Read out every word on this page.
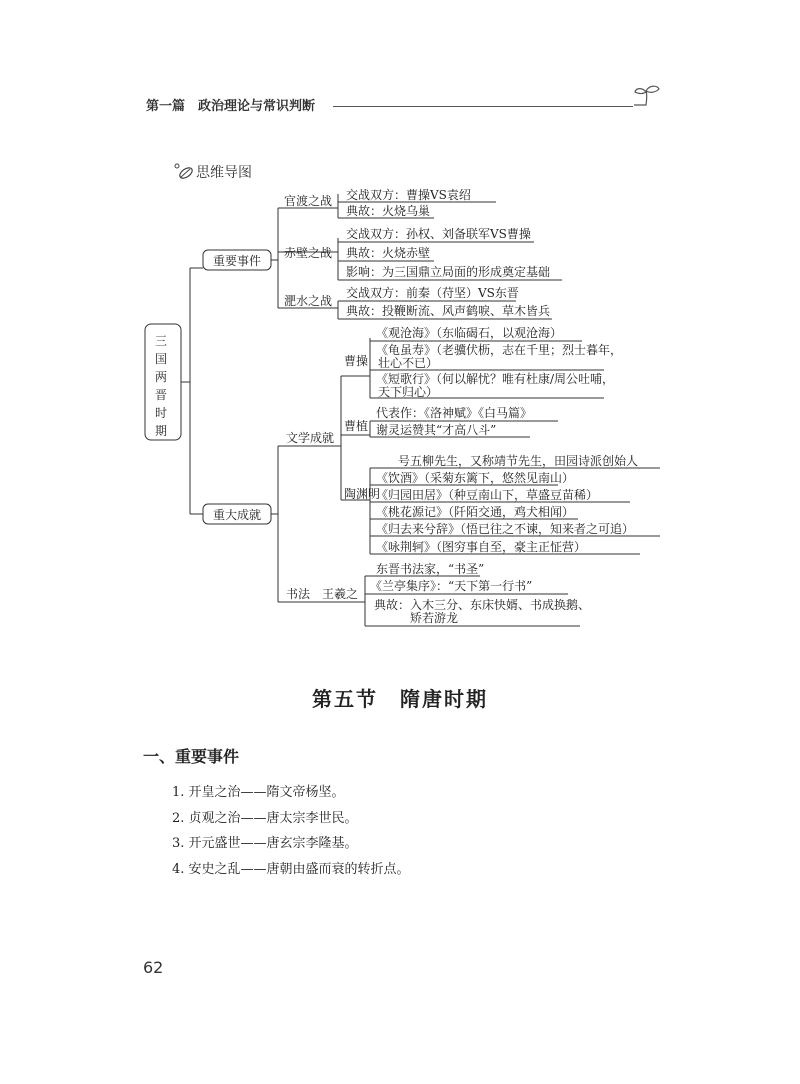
第一篇　政治理论与常识判断
思维导图
三
国
两
晋
时
期
重要事件
官渡之战 交战双方：曹操VS袁绍
典故：火烧乌巢
赤壁之战
交战双方：孙权、刘备联军VS曹操
典故：火烧赤壁
影响：为三国鼎立局面的形成奠定基础
淝水之战
交战双方：前秦（苻坚）VS东晋
典故：投鞭断流、风声鹤唳、草木皆兵
重大成就
文学成就
曹操
《观沧海》（东临碣石，以观沧海）
《龟虽寿》（老骥伏枥，志在千里；烈士暮年，
壮心不已）
《短歌行》（何以解忧？唯有杜康/周公吐哺，
天下归心）
曹植
代表作：《洛神赋》《白马篇》
谢灵运赞其“才高八斗”
陶渊明
号五柳先生，又称靖节先生，田园诗派创始人
《饮酒》（采菊东篱下，悠然见南山）
《归园田居》（种豆南山下，草盛豆苗稀）
《桃花源记》（阡陌交通，鸡犬相闻）
《归去来兮辞》（悟已往之不谏，知来者之可追）
《咏荆轲》（图穷事自至，豪主正怔营）
书法 王羲之
东晋书法家，“书圣”
《兰亭集序》：“天下第一行书”
典故：入木三分、东床快婿、书成换鹅、
矫若游龙
第五节　隋唐时期
一、重要事件
1. 开皇之治——隋文帝杨坚。
2. 贞观之治——唐太宗李世民。
3. 开元盛世——唐玄宗李隆基。
4. 安史之乱——唐朝由盛而衰的转折点。
62
